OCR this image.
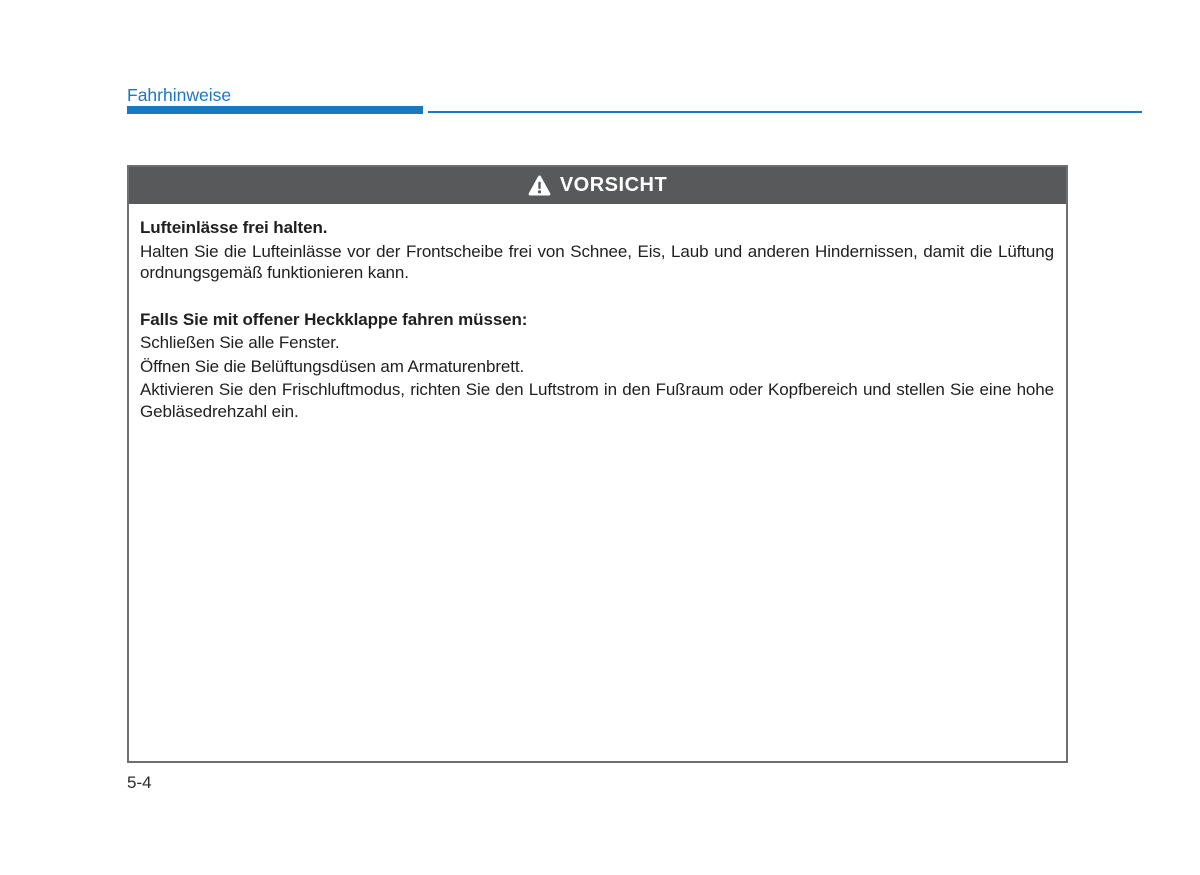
Fahrhinweise
VORSICHT

Lufteinlässe frei halten.

Halten Sie die Lufteinlässe vor der Frontscheibe frei von Schnee, Eis, Laub und anderen Hindernissen, damit die Lüftung ordnungsgemäß funktionieren kann.

Falls Sie mit offener Heckklappe fahren müssen:

Schließen Sie alle Fenster.

Öffnen Sie die Belüftungsdüsen am Armaturenbrett.

Aktivieren Sie den Frischluftmodus, richten Sie den Luftstrom in den Fußraum oder Kopfbereich und stellen Sie eine hohe Gebläsedrehzahl ein.

5-4
